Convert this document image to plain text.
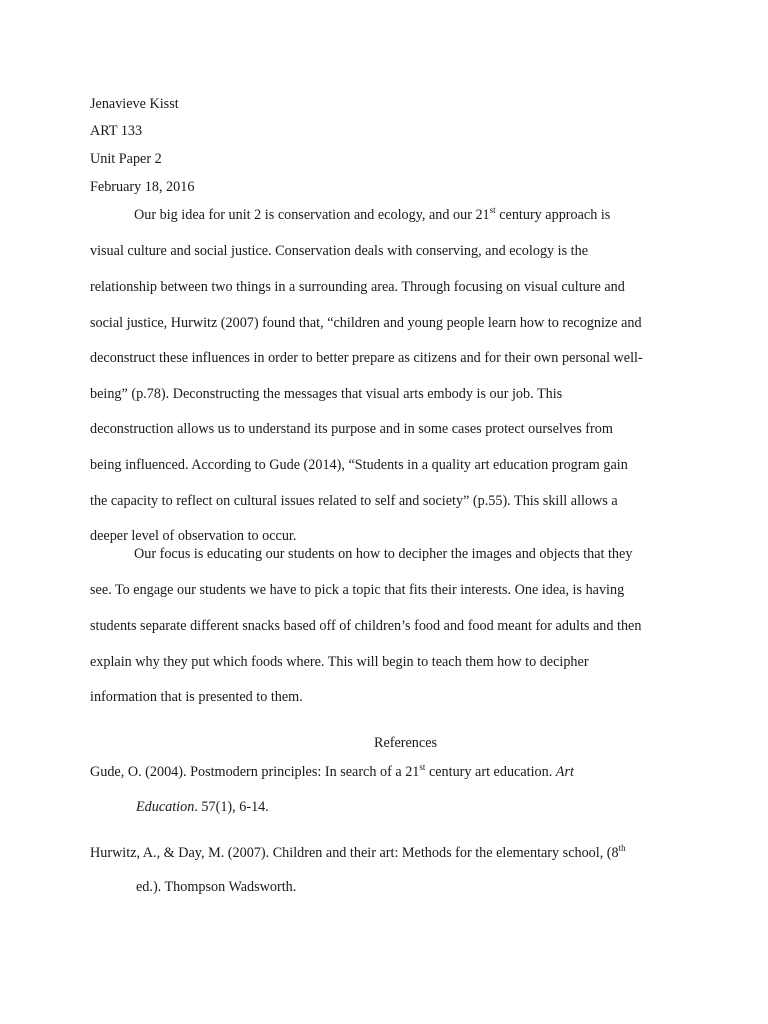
Jenavieve Kisst
ART 133
Unit Paper 2
February 18, 2016
Our big idea for unit 2 is conservation and ecology, and our 21st century approach is
visual culture and social justice. Conservation deals with conserving, and ecology is the
relationship between two things in a surrounding area. Through focusing on visual culture and
social justice, Hurwitz (2007) found that, “children and young people learn how to recognize and
deconstruct these influences in order to better prepare as citizens and for their own personal well-
being” (p.78). Deconstructing the messages that visual arts embody is our job. This
deconstruction allows us to understand its purpose and in some cases protect ourselves from
being influenced. According to Gude (2014), “Students in a quality art education program gain
the capacity to reflect on cultural issues related to self and society” (p.55). This skill allows a
deeper level of observation to occur.
Our focus is educating our students on how to decipher the images and objects that they
see. To engage our students we have to pick a topic that fits their interests. One idea, is having
students separate different snacks based off of children’s food and food meant for adults and then
explain why they put which foods where. This will begin to teach them how to decipher
information that is presented to them.
References
Gude, O. (2004). Postmodern principles: In search of a 21st century art education. Art
Education. 57(1), 6-14.
Hurwitz, A., & Day, M. (2007). Children and their art: Methods for the elementary school, (8th
ed.). Thompson Wadsworth.
